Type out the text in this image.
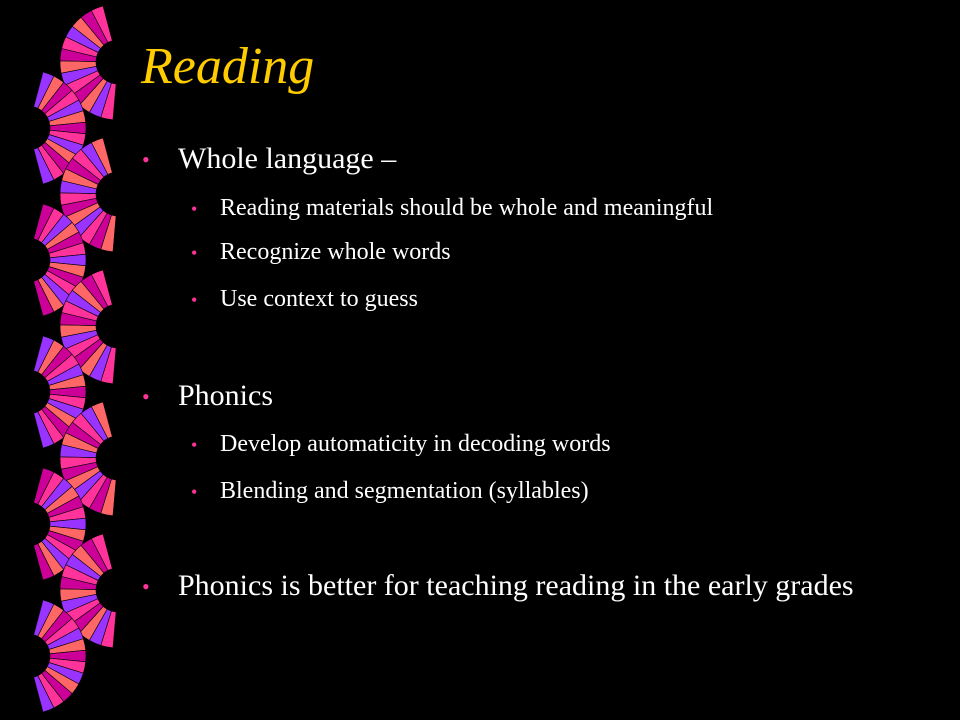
Reading
• Whole language –
• Reading materials should be whole and meaningful
• Recognize whole words
• Use context to guess
• Phonics
• Develop automaticity in decoding words
• Blending and segmentation (syllables)
• Phonics is better for teaching reading in the early grades
